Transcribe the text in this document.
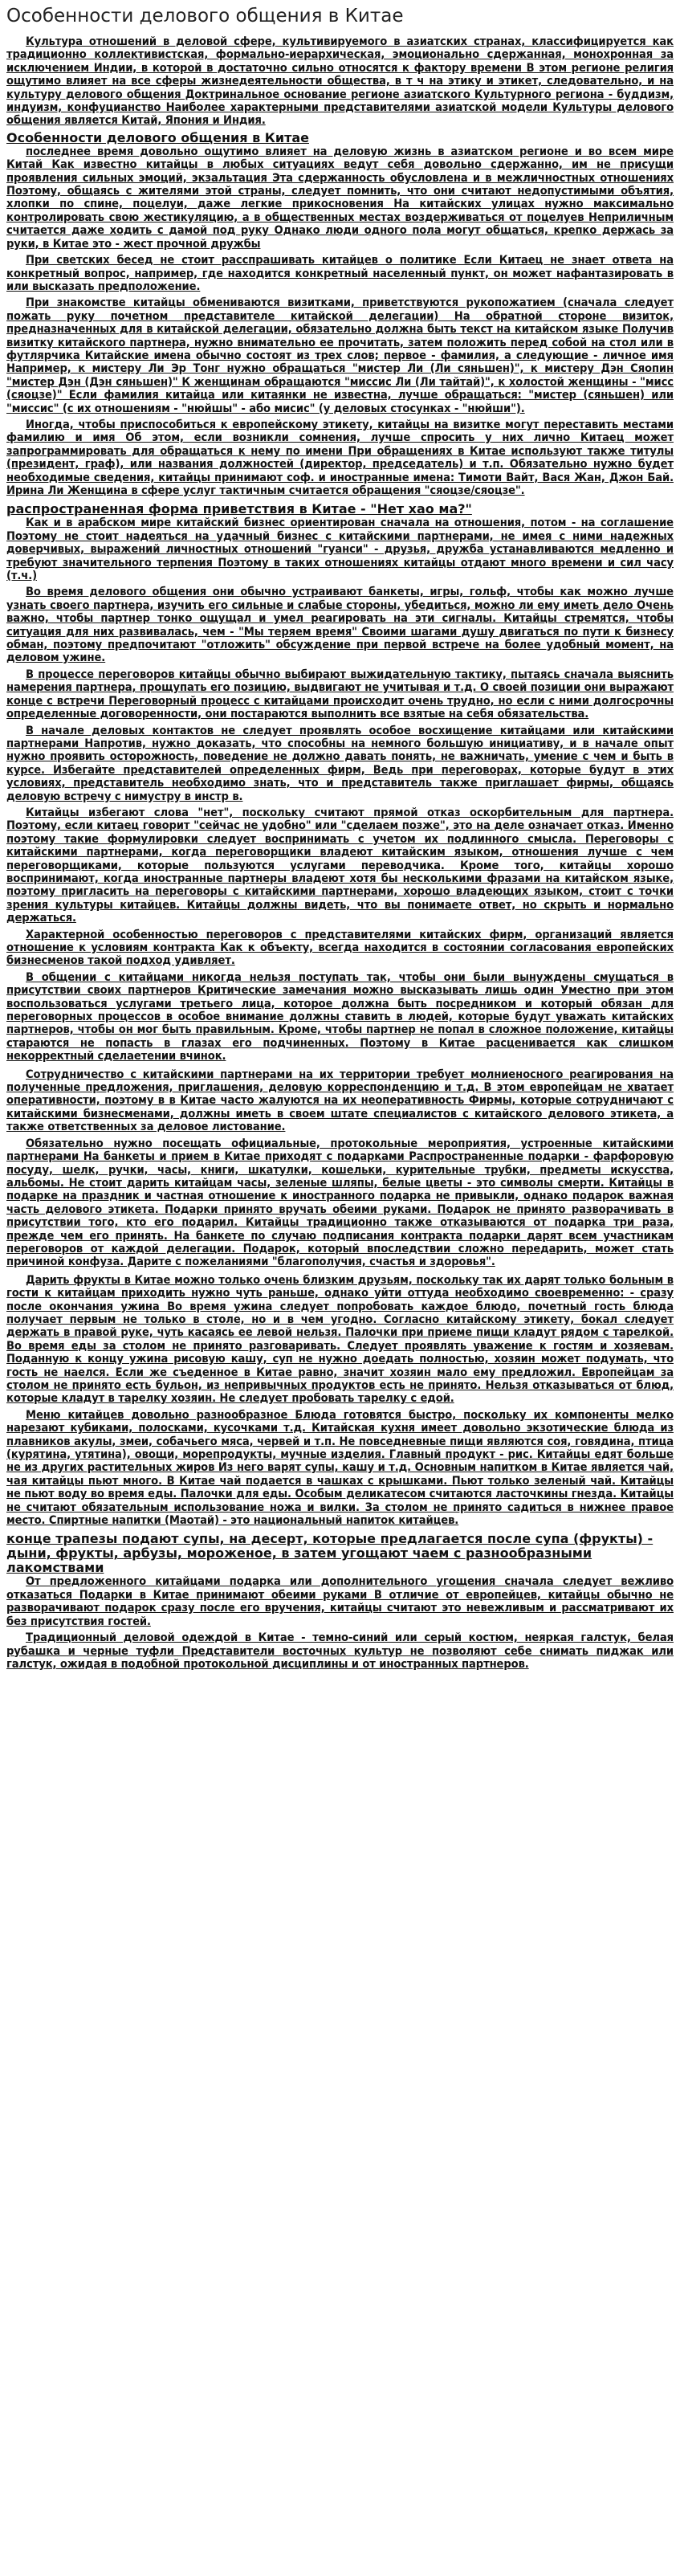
Особенности делового общения в Китае

Культура отношений в деловой сфере, культивируемого в азиатских странах, классифицируется как традиционно коллективистская, формально-иерархическая, эмоционально сдержанная, монохронная за исключением Индии, в которой в достаточно сильно относятся к фактору времени В этом регионе религия ощутимо влияет на все сферы жизнедеятельности общества, в т ч на этику и этикет, следовательно, и на культуру делового общения Доктринальное основание регионе азиатского Культурного региона - буддизм, индуизм, конфуцианство Наиболее характерными представителями азиатской модели Культуры делового общения является Китай, Япония и Индия.

Особенности делового общения в Китае

последнее время довольно ощутимо влияет на деловую жизнь в азиатском регионе и во всем мире Китай Как известно китайцы в любых ситуациях ведут себя довольно сдержанно, им не присущи проявления сильных эмоций, экзальтация Эта сдержанность обусловлена и в межличностных отношениях Поэтому, общаясь с жителями этой страны, следует помнить, что они считают недопустимыми объятия, хлопки по спине, поцелуи, даже легкие прикосновения На китайских улицах нужно максимально контролировать свою жестикуляцию, а в общественных местах воздерживаться от поцелуев Неприличным считается даже ходить с дамой под руку Однако люди одного пола могут общаться, крепко держась за руки, в Китае это - жест прочной дружбы

При светских бесед не стоит расспрашивать китайцев о политике Если Китаец не знает ответа на конкретный вопрос, например, где находится конкретный населенный пункт, он может нафантазировать в или высказать предположение.

При знакомстве китайцы обмениваются визитками, приветствуются рукопожатием (сначала следует пожать руку почетном представителе китайской делегации) На обратной стороне визиток, предназначенных для в китайской делегации, обязательно должна быть текст на китайском языке Получив визитку китайского партнера, нужно внимательно ее прочитать, затем положить перед собой на стол или в футлярчика Китайские имена обычно состоят из трех слов; первое - фамилия, а следующие - личное имя Например, к мистеру Ли Эр Тонг нужно обращаться "мистер Ли (Ли сяньшен)", к мистеру Дэн Сяопин "мистер Дэн (Дэн сяньшен)" К женщинам обращаются "миссис Ли (Ли тайтай)", к холостой женщины - "мисс (сяоцзе)" Если фамилия китайца или китаянки не известна, лучше обращаться: "мистер (сяньшен) или "миссис" (с их отношениям - "нюйшы" - або мисис" (у деловых стосунках - "нюйши").

Иногда, чтобы приспособиться к европейскому этикету, китайцы на визитке могут переставить местами фамилию и имя Об этом, если возникли сомнения, лучше спросить у них лично Китаец может запрограммировать для обращаться к нему по имени При обращениях в Китае используют также титулы (президент, граф), или названия должностей (директор, председатель) и т.п. Обязательно нужно будет необходимые сведения, китайцы принимают соф. и иностранные имена: Тимоти Вайт, Вася Жан, Джон Бай. Ирина Ли Женщина в сфере услуг тактичным считается обращения "сяоцзе/сяоцзе".

распространенная форма приветствия в Китае - "Нет хао ма?"

Как и в арабском мире китайский бизнес ориентирован сначала на отношения, потом - на соглашение Поэтому не стоит надеяться на удачный бизнес с китайскими партнерами, не имея с ними надежных доверчивых, выражений личностных отношений "гуанси" - друзья, дружба устанавливаются медленно и требуют значительного терпения Поэтому в таких отношениях китайцы отдают много времени и сил часу (т.ч.)

Во время делового общения они обычно устраивают банкеты, игры, гольф, чтобы как можно лучше узнать своего партнера, изучить его сильные и слабые стороны, убедиться, можно ли ему иметь дело Очень важно, чтобы партнер тонко ощущал и умел реагировать на эти сигналы. Китайцы стремятся, чтобы ситуация для них развивалась, чем - "Мы теряем время" Своими шагами душу двигаться по пути к бизнесу обман, поэтому предпочитают "отложить" обсуждение при первой встрече на более удобный момент, на деловом ужине.

В процессе переговоров китайцы обычно выбирают выжидательную тактику, пытаясь сначала выяснить намерения партнера, прощупать его позицию, выдвигают не учитывая и т.д. О своей позиции они выражают конце с встречи Переговорный процесс с китайцами происходит очень трудно, но если с ними долгосрочны определенные договоренности, они постараются выполнить все взятые на себя обязательства.

В начале деловых контактов не следует проявлять особое восхищение китайцами или китайскими партнерами Напротив, нужно доказать, что способны на немного большую инициативу, и в начале опыт нужно проявить осторожность, поведение не должно давать понять, не важничать, умение с чем и быть в курсе. Избегайте представителей определенных фирм, Ведь при переговорах, которые будут в этих условиях, представитель необходимо знать, что и представитель также приглашает фирмы, общаясь деловую встречу с нимустру в инстр в.

Китайцы избегают слова "нет", поскольку считают прямой отказ оскорбительным для партнера. Поэтому, если китаец говорит "сейчас не удобно" или "сделаем позже", это на деле означает отказ. Именно поэтому такие формулировки следует воспринимать с учетом их подлинного смысла. Переговоры с китайскими партнерами, когда переговорщики владеют китайским языком, отношения лучше с чем переговорщиками, которые пользуются услугами переводчика. Кроме того, китайцы хорошо воспринимают, когда иностранные партнеры владеют хотя бы несколькими фразами на китайском языке, поэтому пригласить на переговоры с китайскими партнерами, хорошо владеющих языком, стоит с точки зрения культуры китайцев. Китайцы должны видеть, что вы понимаете ответ, но скрыть и нормально держаться.

Характерной особенностью переговоров с представителями китайских фирм, организаций является отношение к условиям контракта Как к объекту, всегда находится в состоянии согласования европейских бизнесменов такой подход удивляет.

В общении с китайцами никогда нельзя поступать так, чтобы они были вынуждены смущаться в присутствии своих партнеров Критические замечания можно высказывать лишь один Уместно при этом воспользоваться услугами третьего лица, которое должна быть посредником и который обязан для переговорных процессов в особое внимание должны ставить в людей, которые будут уважать китайских партнеров, чтобы он мог быть правильным. Кроме, чтобы партнер не попал в сложное положение, китайцы стараются не попасть в глазах его подчиненных. Поэтому в Китае расценивается как слишком некорректный сделаетении вчинок.

Сотрудничество с китайскими партнерами на их территории требует молниеносного реагирования на полученные предложения, приглашения, деловую корреспонденцию и т.д. В этом европейцам не хватает оперативности, поэтому в в Китае часто жалуются на их неоперативность Фирмы, которые сотрудничают с китайскими бизнесменами, должны иметь в своем штате специалистов с китайского делового этикета, а также ответственных за деловое листование.

Обязательно нужно посещать официальные, протокольные мероприятия, устроенные китайскими партнерами На банкеты и прием в Китае приходят с подарками Распространенные подарки - фарфоровую посуду, шелк, ручки, часы, книги, шкатулки, кошельки, курительные трубки, предметы искусства, альбомы. Не стоит дарить китайцам часы, зеленые шляпы, белые цветы - это символы смерти. Китайцы в подарке на праздник и частная отношение к иностранного подарка не привыкли, однако подарок важная часть делового этикета. Подарки принято вручать обеими руками. Подарок не принято разворачивать в присутствии того, кто его подарил. Китайцы традиционно также отказываются от подарка три раза, прежде чем его принять. На банкете по случаю подписания контракта подарки дарят всем участникам переговоров от каждой делегации. Подарок, который впоследствии сложно передарить, может стать причиной конфуза. Дарите с пожеланиями "благополучия, счастья и здоровья".

Дарить фрукты в Китае можно только очень близким друзьям, поскольку так их дарят только больным в гости к китайцам приходить нужно чуть раньше, однако уйти оттуда необходимо своевременно: - сразу после окончания ужина Во время ужина следует попробовать каждое блюдо, почетный гость блюда получает первым не только в столе, но и в чем угодно. Согласно китайскому этикету, бокал следует держать в правой руке, чуть касаясь ее левой нельзя. Палочки при приеме пищи кладут рядом с тарелкой. Во время еды за столом не принято разговаривать. Следует проявлять уважение к гостям и хозяевам. Поданную к концу ужина рисовую кашу, суп не нужно доедать полностью, хозяин может подумать, что гость не наелся. Если же съеденное в Китае равно, значит хозяин мало ему предложил. Европейцам за столом не принято есть бульон, из непривычных продуктов есть не принято. Нельзя отказываться от блюд, которые кладут в тарелку хозяин. Не следует пробовать тарелку с едой.

Меню китайцев довольно разнообразное Блюда готовятся быстро, поскольку их компоненты мелко нарезают кубиками, полосками, кусочками т.д. Китайская кухня имеет довольно экзотические блюда из плавников акулы, змеи, собачьего мяса, червей и т.п. Не повседневные пищи являются соя, говядина, птица (курятина, утятина), овощи, морепродукты, мучные изделия. Главный продукт - рис. Китайцы едят больше не из других растительных жиров Из него варят супы, кашу и т.д. Основным напитком в Китае является чай, чая китайцы пьют много. В Китае чай подается в чашках с крышками. Пьют только зеленый чай. Китайцы не пьют воду во время еды. Палочки для еды. Особым деликатесом считаются ласточкины гнезда. Китайцы не считают обязательным использование ножа и вилки. За столом не принято садиться в нижнее правое место. Спиртные напитки (Маотай) - это национальный напиток китайцев.

конце трапезы подают супы, на десерт, которые предлагается после супа (фрукты) - дыни, фрукты, арбузы, мороженое, в затем угощают чаем с разнообразными лакомствами

От предложенного китайцами подарка или дополнительного угощения сначала следует вежливо отказаться Подарки в Китае принимают обеими руками В отличие от европейцев, китайцы обычно не разворачивают подарок сразу после его вручения, китайцы считают это невежливым и рассматривают их без присутствия гостей.

Традиционный деловой одеждой в Китае - темно-синий или серый костюм, неяркая галстук, белая рубашка и черные туфли Представители восточных культур не позволяют себе снимать пиджак или галстук, ожидая в подобной протокольной дисциплины и от иностранных партнеров.
